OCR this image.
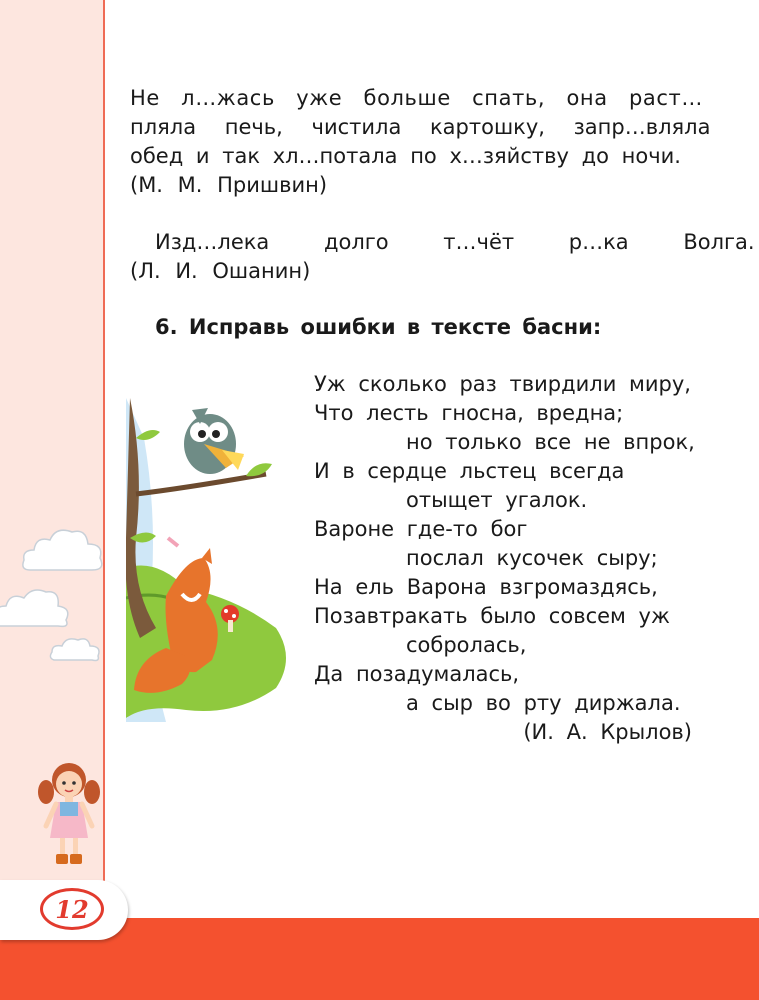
Не л…жась уже больше спать, она раст…
пляла печь, чистила картошку, запр…вляла
обед и так хл…потала по х…зяйству до ночи.
(М. М. Пришвин)
Изд…лека долго т…чёт р…ка Волга.
(Л. И. Ошанин)
6. Исправь ошибки в тексте басни:
Уж сколько раз твирдили миру,
Что лесть гноcна, вредна;
но только все не впрок,
И в сердце льстец всегда
отыщет угалок.
Вароне где-то бог
послал кусочек сыру;
На ель Варона взгромаздясь,
Позавтракать было совсем уж
собролась,
Да позадумалась,
а сыр во рту диржала.
(И. А. Крылов)
12
